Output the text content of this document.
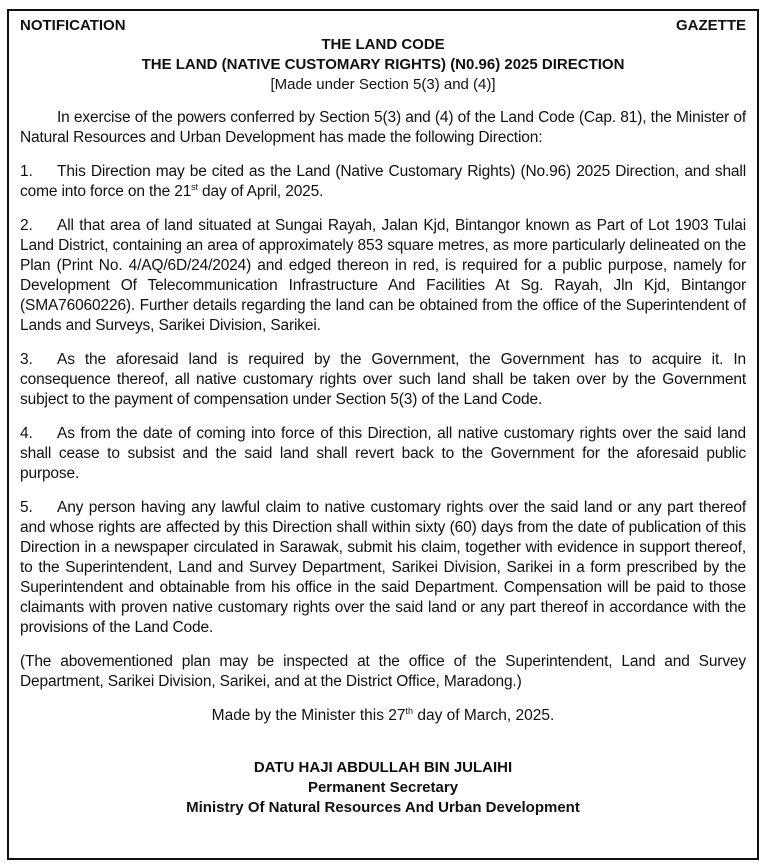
NOTIFICATION	GAZETTE
THE LAND CODE
THE LAND (NATIVE CUSTOMARY RIGHTS) (N0.96) 2025 DIRECTION
[Made under Section 5(3) and (4)]

In exercise of the powers conferred by Section 5(3) and (4) of the Land Code (Cap. 81), the Minister of Natural Resources and Urban Development has made the following Direction:

1. This Direction may be cited as the Land (Native Customary Rights) (No.96) 2025 Direction, and shall come into force on the 21st day of April, 2025.

2. All that area of land situated at Sungai Rayah, Jalan Kjd, Bintangor known as Part of Lot 1903 Tulai Land District, containing an area of approximately 853 square metres, as more particularly delineated on the Plan (Print No. 4/AQ/6D/24/2024) and edged thereon in red, is required for a public purpose, namely for Development Of Telecommunication Infrastructure And Facilities At Sg. Rayah, Jln Kjd, Bintangor (SMA76060226). Further details regarding the land can be obtained from the office of the Superintendent of Lands and Surveys, Sarikei Division, Sarikei.

3. As the aforesaid land is required by the Government, the Government has to acquire it. In consequence thereof, all native customary rights over such land shall be taken over by the Government subject to the payment of compensation under Section 5(3) of the Land Code.

4. As from the date of coming into force of this Direction, all native customary rights over the said land shall cease to subsist and the said land shall revert back to the Government for the aforesaid public purpose.

5. Any person having any lawful claim to native customary rights over the said land or any part thereof and whose rights are affected by this Direction shall within sixty (60) days from the date of publication of this Direction in a newspaper circulated in Sarawak, submit his claim, together with evidence in support thereof, to the Superintendent, Land and Survey Department, Sarikei Division, Sarikei in a form prescribed by the Superintendent and obtainable from his office in the said Department. Compensation will be paid to those claimants with proven native customary rights over the said land or any part thereof in accordance with the provisions of the Land Code.

(The abovementioned plan may be inspected at the office of the Superintendent, Land and Survey Department, Sarikei Division, Sarikei, and at the District Office, Maradong.)

Made by the Minister this 27th day of March, 2025.
DATU HAJI ABDULLAH BIN JULAIHI
Permanent Secretary
Ministry Of Natural Resources And Urban Development
